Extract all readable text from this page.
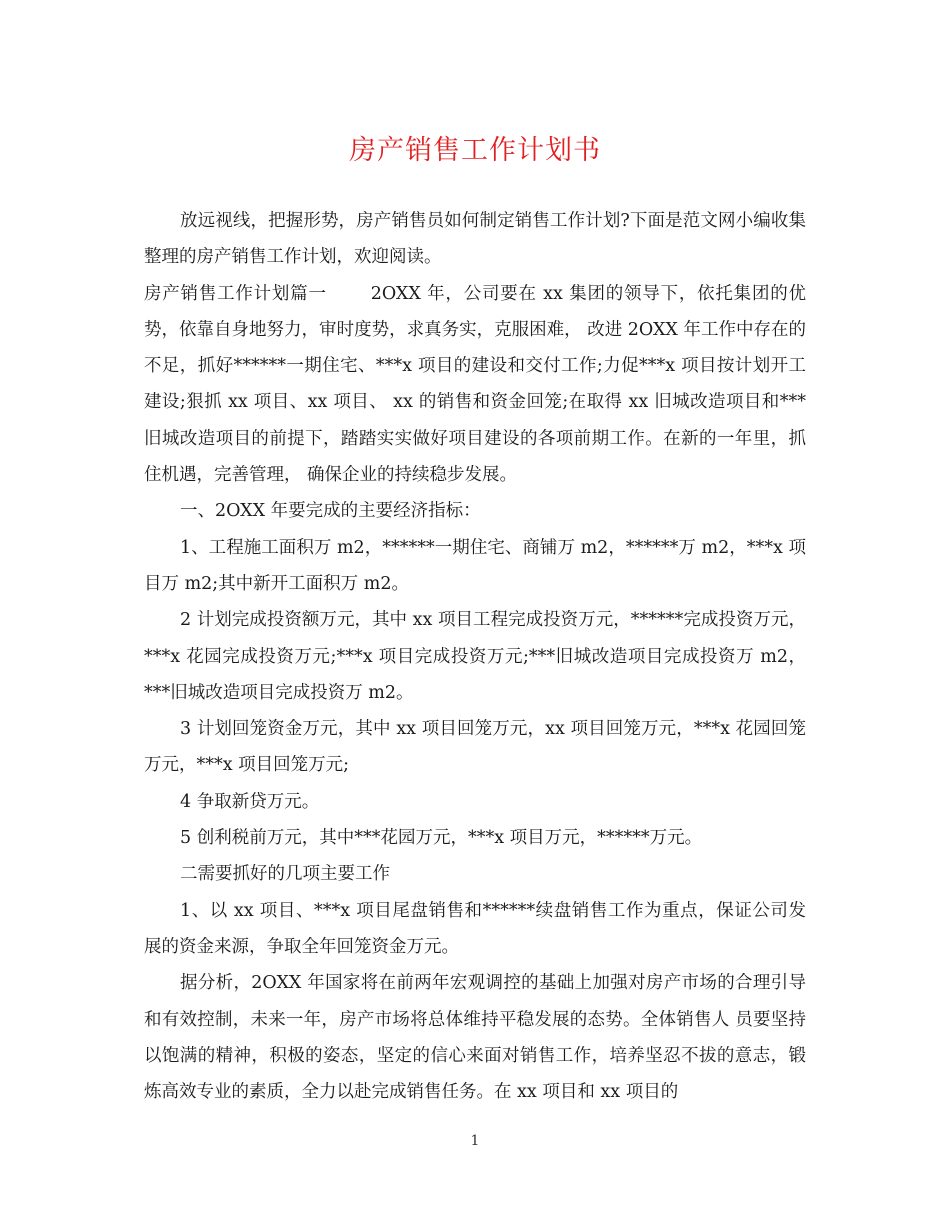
房产销售工作计划书

放远视线，把握形势，房产销售员如何制定销售工作计划?下面是范文网小编收集整理的房产销售工作计划，欢迎阅读。

房产销售工作计划篇一	2OXX 年，公司要在 xx 集团的领导下，依托集团的优势，依靠自身地努力，审时度势，求真务实，克服困难， 改进 2OXX 年工作中存在的不足，抓好******一期住宅、***x 项目的建设和交付工作;力促***x 项目按计划开工建设;狠抓 xx 项目、xx 项目、 xx 的销售和资金回笼;在取得 xx 旧城改造项目和***旧城改造项目的前提下，踏踏实实做好项目建设的各项前期工作。在新的一年里，抓住机遇，完善管理， 确保企业的持续稳步发展。

一、2OXX 年要完成的主要经济指标：

1、工程施工面积万 m2，******一期住宅、商铺万 m2，******万 m2，***x 项目万 m2;其中新开工面积万 m2。

2 计划完成投资额万元，其中 xx 项目工程完成投资万元，******完成投资万元，***x 花园完成投资万元;***x 项目完成投资万元;***旧城改造项目完成投资万 m2，***旧城改造项目完成投资万 m2。

3 计划回笼资金万元，其中 xx 项目回笼万元，xx 项目回笼万元，***x 花园回笼万元，***x 项目回笼万元;

4 争取新贷万元。

5 创利税前万元，其中***花园万元，***x 项目万元，******万元。

二需要抓好的几项主要工作

1、以 xx 项目、***x 项目尾盘销售和******续盘销售工作为重点，保证公司发展的资金来源，争取全年回笼资金万元。

据分析，2OXX 年国家将在前两年宏观调控的基础上加强对房产市场的合理引导和有效控制，未来一年，房产市场将总体维持平稳发展的态势。全体销售人 员要坚持以饱满的精神，积极的姿态，坚定的信心来面对销售工作，培养坚忍不拔的意志，锻炼高效专业的素质，全力以赴完成销售任务。在 xx 项目和 xx 项目的

1
